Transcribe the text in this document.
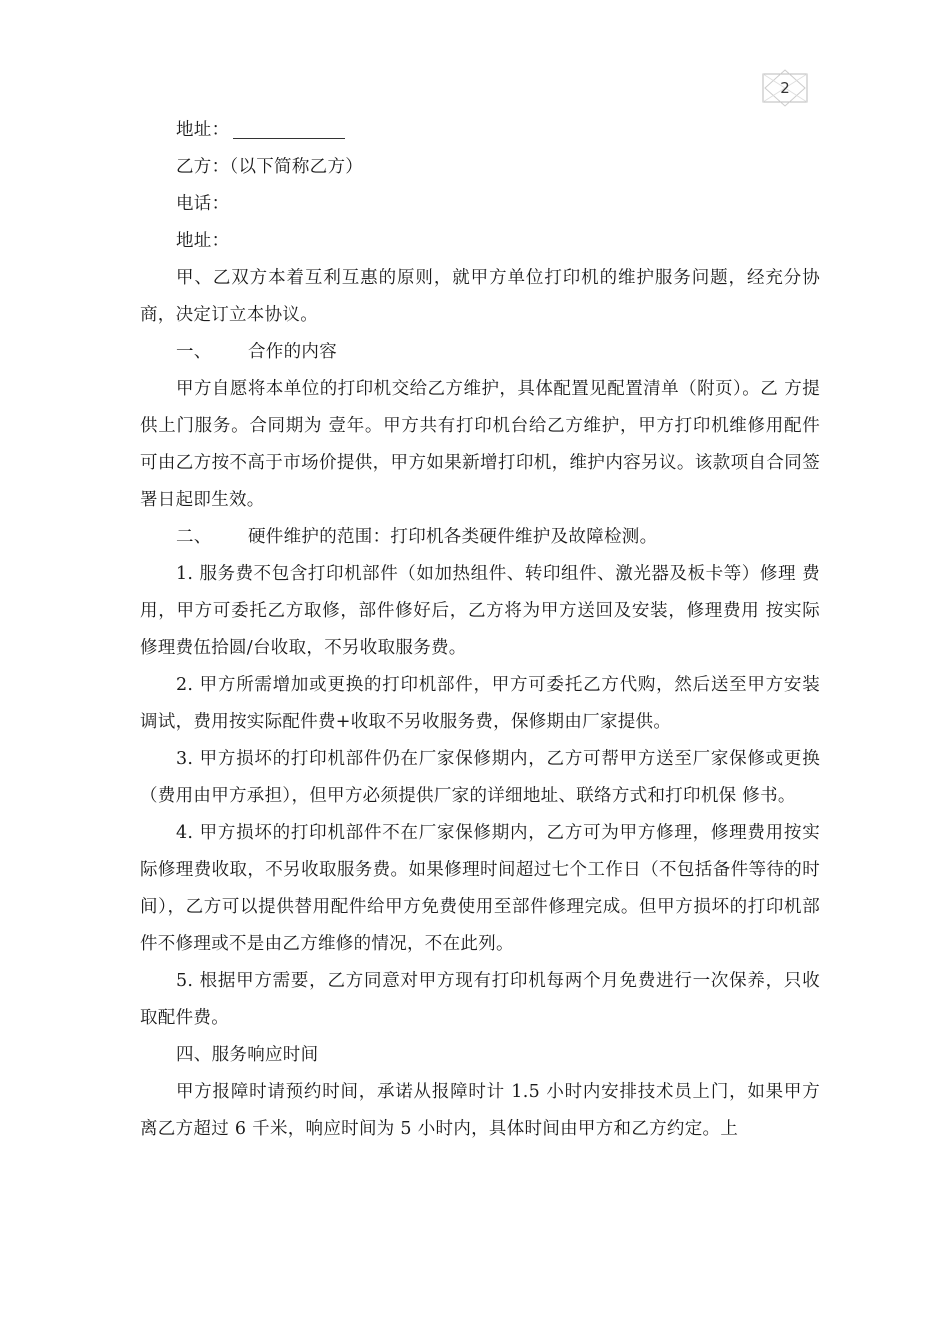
2
地址：
乙方：（以下简称乙方）
电话：
地址：
甲、乙双方本着互利互惠的原则，就甲方单位打印机的维护服务问题，经充分协商，决定订立本协议。
一、 合作的内容
甲方自愿将本单位的打印机交给乙方维护，具体配置见配置清单（附页）。乙 方提供上门服务。合同期为 壹年。甲方共有打印机台给乙方维护，甲方打印机维修用配件可由乙方按不高于市场价提供，甲方如果新增打印机，维护内容另议。该款项自合同签署日起即生效。
二、 硬件维护的范围：打印机各类硬件维护及故障检测。
1. 服务费不包含打印机部件（如加热组件、转印组件、激光器及板卡等）修理 费用，甲方可委托乙方取修，部件修好后，乙方将为甲方送回及安装，修理费用 按实际修理费伍拾圆/台收取，不另收取服务费。
2. 甲方所需增加或更换的打印机部件，甲方可委托乙方代购，然后送至甲方安装调试，费用按实际配件费+收取不另收服务费，保修期由厂家提供。
3. 甲方损坏的打印机部件仍在厂家保修期内，乙方可帮甲方送至厂家保修或更换（费用由甲方承担），但甲方必须提供厂家的详细地址、联络方式和打印机保 修书。
4. 甲方损坏的打印机部件不在厂家保修期内，乙方可为甲方修理，修理费用按实际修理费收取，不另收取服务费。如果修理时间超过七个工作日（不包括备件等待的时间），乙方可以提供替用配件给甲方免费使用至部件修理完成。但甲方损坏的打印机部件不修理或不是由乙方维修的情况，不在此列。
5. 根据甲方需要，乙方同意对甲方现有打印机每两个月免费进行一次保养，只收取配件费。
四、服务响应时间
甲方报障时请预约时间，承诺从报障时计 1.5 小时内安排技术员上门，如果甲方离乙方超过 6 千米，响应时间为 5 小时内，具体时间由甲方和乙方约定。上
